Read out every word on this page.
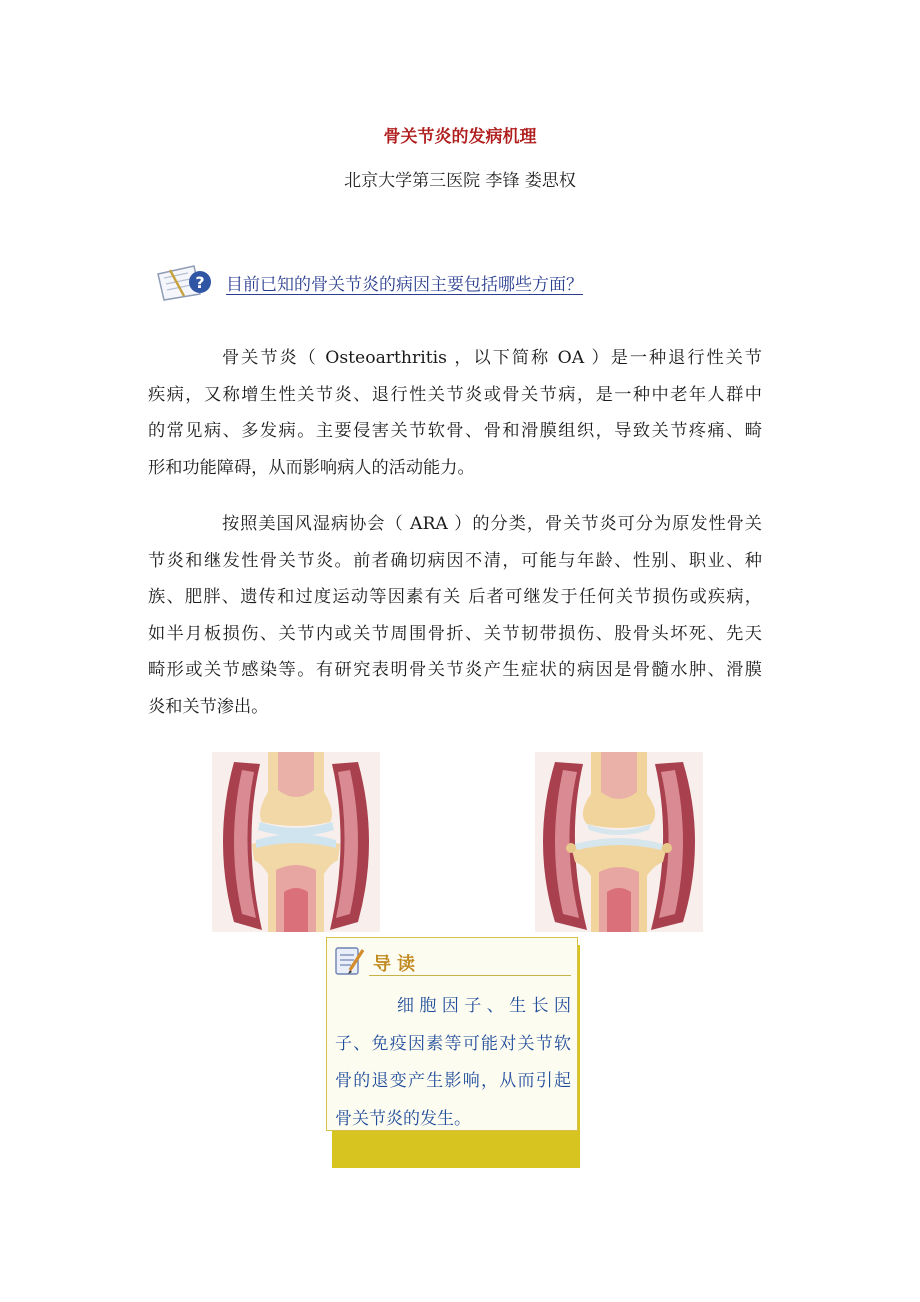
骨关节炎的发病机理
北京大学第三医院 李锋 娄思权
? 目前已知的骨关节炎的病因主要包括哪些方面？
骨关节炎（ Osteoarthritis ，以下简称 OA ）是一种退行性关节
疾病，又称增生性关节炎、退行性关节炎或骨关节病，是一种中老年人群中
的常见病、多发病。主要侵害关节软骨、骨和滑膜组织，导致关节疼痛、畸
形和功能障碍，从而影响病人的活动能力。
按照美国风湿病协会（ ARA ）的分类，骨关节炎可分为原发性骨关
节炎和继发性骨关节炎。前者确切病因不清，可能与年龄、性别、职业、种
族、肥胖、遗传和过度运动等因素有关 后者可继发于任何关节损伤或疾病，
如半月板损伤、关节内或关节周围骨折、关节韧带损伤、股骨头坏死、先天
畸形或关节感染等。有研究表明骨关节炎产生症状的病因是骨髓水肿、滑膜
炎和关节渗出。
导读
细胞因子、生长因
子、免疫因素等可能对关节软
骨的退变产生影响，从而引起
骨关节炎的发生。
